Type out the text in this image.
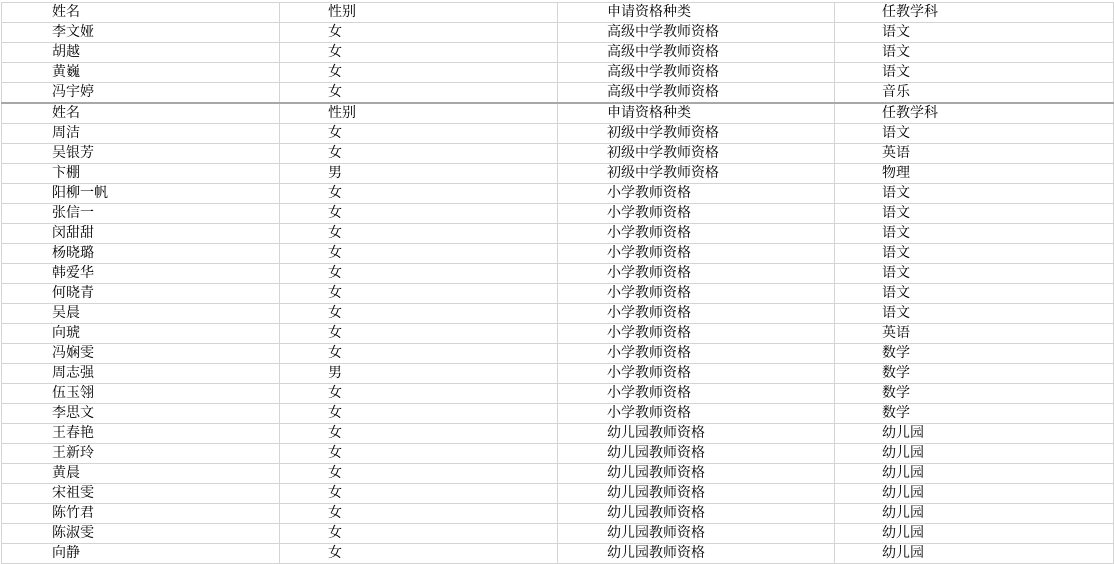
姓名	性别	申请资格种类	任教学科
李文娅	女	高级中学教师资格	语文
胡越	女	高级中学教师资格	语文
黄巍	女	高级中学教师资格	语文
冯宇婷	女	高级中学教师资格	音乐
姓名	性别	申请资格种类	任教学科
周洁	女	初级中学教师资格	语文
吴银芳	女	初级中学教师资格	英语
卞棚	男	初级中学教师资格	物理
阳柳一帆	女	小学教师资格	语文
张信一	女	小学教师资格	语文
闵甜甜	女	小学教师资格	语文
杨晓璐	女	小学教师资格	语文
韩爱华	女	小学教师资格	语文
何晓青	女	小学教师资格	语文
吴晨	女	小学教师资格	语文
向琥	女	小学教师资格	英语
冯娴雯	女	小学教师资格	数学
周志强	男	小学教师资格	数学
伍玉翎	女	小学教师资格	数学
李思文	女	小学教师资格	数学
王春艳	女	幼儿园教师资格	幼儿园
王新玲	女	幼儿园教师资格	幼儿园
黄晨	女	幼儿园教师资格	幼儿园
宋祖雯	女	幼儿园教师资格	幼儿园
陈竹君	女	幼儿园教师资格	幼儿园
陈淑雯	女	幼儿园教师资格	幼儿园
向静	女	幼儿园教师资格	幼儿园
